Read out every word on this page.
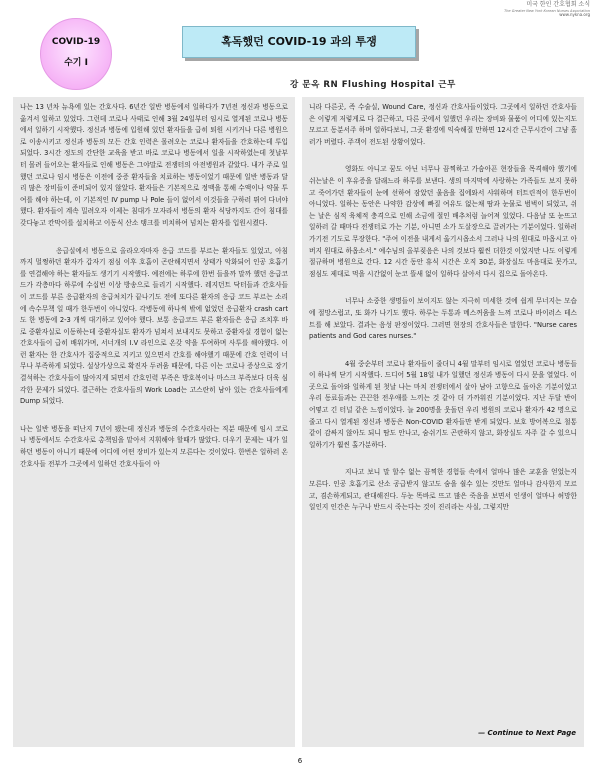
미국 한인 간호협회 소식
The Greater New York Korean Nurses Association
www.nyknа.org
COVID-19
수기 I
혹독했던 COVID-19 과의 투쟁
강 문옥 RN Flushing Hospital 근무

나는 13 년차 뉴욕에 있는 간호사다. 6년간 일반 병동에서 일하다가 7년전 정신과 병동으로 옮겨서 일하고 있었다. 그런데 코로나 사태로 인해 3월 24일부터 임시로 열게된 코로나 병동에서 일하기 시작했다. 정신과 병동에 입원해 있던 환자들을 급히 퇴원 시키거나 다른 병원으로 이송시키고 정신과 병동의 모든 간호 인력은 몰려오는 코로나 환자들을 간호하는데 투입 되었다. 3시간 정도의 간단한 교육을 받고 바로 코로나 병동에서 일을 시작하였는데 첫날부터 몰려 들어오는 환자들로 인해 병동은 그야말로 전쟁터의 아전병원과 같았다. 내가 주로 일했던 코로나 임시 병동은 이전에 중증 환자들을 치료하는 병동이었기 때문에 일반 병동과 달리 많은 장비들이 준비되어 있지 않았다. 환자들은 기본적으로 정맥을 통해 수액이나 약물 투여를 해야 하는데, 이 기본적인 IV pump 나 Pole 들이 없어서 이것들을 구하러 뛰어 다녀야 했다. 환자들이 계속 밀려오자 이제는 침대가 모자라서 병동의 환자 식당까지도 간이 침대를 갖다놓고 칸막이를 설치하고 이동식 산소 탱크를 비치하여 넘치는 환자를 입원시켰다.

응급실에서 병동으로 올라오자마자 응급 코드를 부르는 환자들도 있었고, 아침까지 멀쩡하던 환자가 갑자기 점심 이후 호흡이 곤란해지면서 상태가 악화되어 인공 호흡기를 연결해야 하는 환자들도 생기기 시작했다. 예전에는 하루에 한번 들을까 말까 했던 응급코드가 각층마다 하루에 수십번 이상 방송으로 들리기 시작했다. 레지던트 닥터들과 간호사들이 코드를 부른 응급환자의 응급처치가 끝나기도 전에 또다른 환자의 응급 코드 부르는 소리에 속수무책 일 때가 한두번이 아니었다. 각병동에 하나씩 밖에 없었던 응급환자 crash cart도 한 병동에 2-3 개씩 대기하고 있어야 했다. 보통 응급코드 부른 환자들은 응급 조치후 바로 중환자실로 이동하는데 중환자실도 환자가 넘쳐서 보내지도 못하고 중환자실 경험이 없는 간호사들이 급히 배워가며, 서너개의 I.V 라인으로 온갖 약을 투여하며 사투를 해야했다. 이런 환자는 한 간호사가 집중적으로 지키고 있으면서 간호를 해야했기 때문에 간호 인력이 너무나 부족하게 되었다. 설상가상으로 확진자 두려움 때문에, 다른 이는 코로나 증상으로 장기 결석하는 간호사들이 많아지게 되면서 간호인력 부족은 방호복이나 마스크 부족보다 더욱 심각한 문제가 되었다. 결근하는 간호사들의 Work Load는 고스란히 남아 있는 간호사들에게 Dump 되었다.

나는 일반 병동을 떠난지 7년이 됐는데 정신과 병동의 수간호사라는 직분 때문에 임시 코로나 병동에서도 수간호사로 총책임을 맡아서 지휘해야 할때가 많았다. 더우기 문제는 내가 일하던 병동이 아니기 때문에 어디에 어떤 장비가 있는지 모른다는 것이었다. 한번은 일하러 온 간호사들 전부가 그곳에서 일하던 간호사들이 아

니라 다른곳, 즉 수술실, Wound Care, 정신과 간호사들이었다. 그곳에서 일하던 간호사들은 이렇게 저렇게로 다 결근하고, 다른 곳에서 일했던 우리는 장비와 물품이 어디에 있는지도 모르고 동분서주 하며 일하다보니, 그곳 환경에 익숙해질 만하면 12시간 근무시간이 그냥 흘러가 버렸다. 주객이 전도된 상황이었다.

영화도 아니고 꿈도 아닌 너무나 끔찍하고 가슴아픈 현장들을 목격해야 했기에 쉬는날은 이 후유증을 달래느라 하루를 보낸다. 생의 마지막에 사랑하는 가족들도 보지 못하고 죽어가던 환자들이 눈에 선하여 잠았던 울음을 집에와서 샤워하며 터트린적이 한두번이 아니었다. 일하는 동안은 나약한 감상에 빠질 여유도 없는채 땀과 눈물로 범벅이 되었고, 쉬는 날은 심적 육체적 충격으로 인해 소금에 절인 배추처럼 늘어져 있었다. 다음날 또 눈뜨고 일하러 갈 때마다 전쟁터로 가는 기분, 아니면 소가 도살장으로 끌려가는 기분이었다. 일하러 가기전 기도로 무장한다. "주여 이전을 내게서 옮기시옵소서 그러나 나의 원대로 마옵시고 아버지 원대로 하옵소서." 예수님의 올부짖음은 나의 것보다 훨씬 더한것 이었지만 나도 이렇게 절규하며 병원으로 간다. 12 시간 동안 휴식 시간은 오직 30분, 화장실도 마음대로 못가고, 점심도 제대로 먹을 시간없이 눈코 뜰새 없이 일하다 살아서 다시 집으로 돌아온다.

너무나 소중한 생명들이 보이지도 않는 지극히 미세한 것에 쉽게 무너지는 모습에 절망스럽고, 또 화가 나기도 했다. 하루는 두통과 메스꺼움을 느껴 코로나 바이러스 테스트를 해 보았다. 결과는 음성 판정이었다. 그러면 현장의 간호사들은 말한다. "Nurse cares patients and God cares nurses."

4월 중순부터 코로나 환자들이 줄더니 4월 말부터 임시로 열었던 코로나 병동들이 하나씩 닫기 시작했다. 드디어 5월 18일 내가 일했던 정신과 병동이 다시 문을 열었다. 이곳으로 돌아와 일하게 된 첫날 나는 마치 전쟁터에서 살아 남아 고향으로 돌아온 기분이었고 우리 동료들과는 끈끈한 전우애를 느끼는 것 같아 더 가까워진 기분이었다. 지난 두달 반이 어떻고 긴 터널 같은 느낌이었다. 늘 200명을 웃돌던 우리 병원의 코로나 환자가 42 명으로 줄고 다시 열게된 정신과 병동은 Non-COVID 환자들만 받게 되었다. 보호 방어복으로 철통같이 감싸지 않아도 되니 땀도 안나고, 숨쉬기도 곤란하지 않고, 화장실도 자주 갈 수 있으니 일하기가 훨씬 홀가분하다.

지나고 보니 말 할수 없는 끔찍한 경험들 속에서 얼마나 많은 교훈을 얻었는지 모른다. 인공 호흡기로 산소 공급받지 않고도 숨을 쉴수 있는 것만도 얼마나 감사한지 모르고, 겸손하게되고, 관대해진다. 두눈 똑바로 뜨고 많은 죽음을 보면서 인생이 얼마나 허망한 일인지 인간은 누구나 반드시 죽는다는 것이 진리라는 사실, 그렇지만

— Continue to Next Page
6
